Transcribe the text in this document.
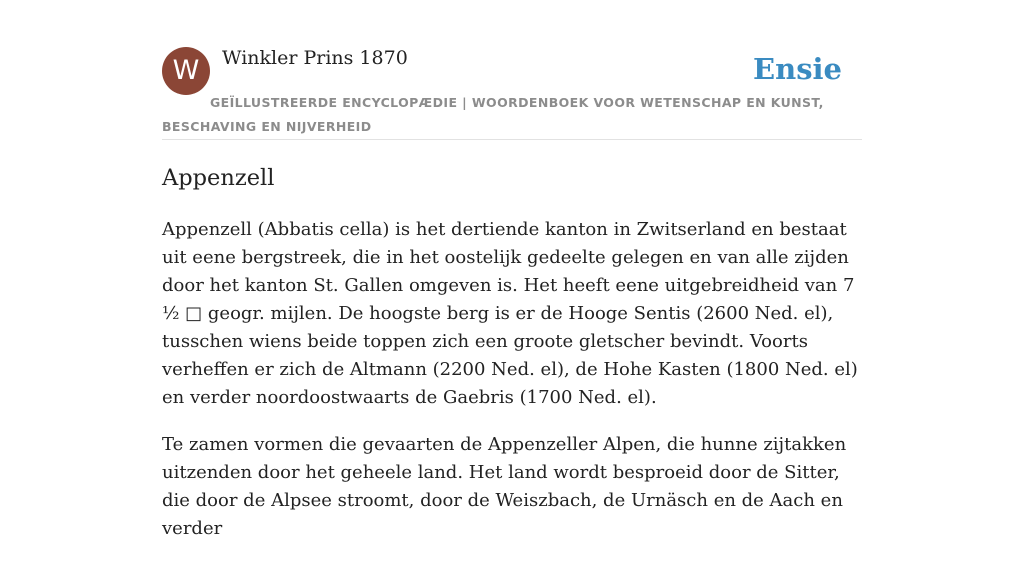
W	Winkler Prins 1870	Ensie
GEÏLLUSTREERDE ENCYCLOPÆDIE | WOORDENBOEK VOOR WETENSCHAP EN KUNST, BESCHAVING EN NIJVERHEID
Appenzell

Appenzell (Abbatis cella) is het dertiende kanton in Zwitserland en bestaat uit eene bergstreek, die in het oostelijk gedeelte gelegen en van alle zijden door het kanton St. Gallen omgeven is. Het heeft eene uitgebreidheid van 7 ½ □ geogr. mijlen. De hoogste berg is er de Hooge Sentis (2600 Ned. el), tusschen wiens beide toppen zich een groote gletscher bevindt. Voorts verheffen er zich de Altmann (2200 Ned. el), de Hohe Kasten (1800 Ned. el) en verder noordoostwaarts de Gaebris (1700 Ned. el).

Te zamen vormen die gevaarten de Appenzeller Alpen, die hunne zijtakken uitzenden door het geheele land. Het land wordt besproeid door de Sitter, die door de Alpsee stroomt, door de Weiszbach, de Urnäsch en de Aach en verder
